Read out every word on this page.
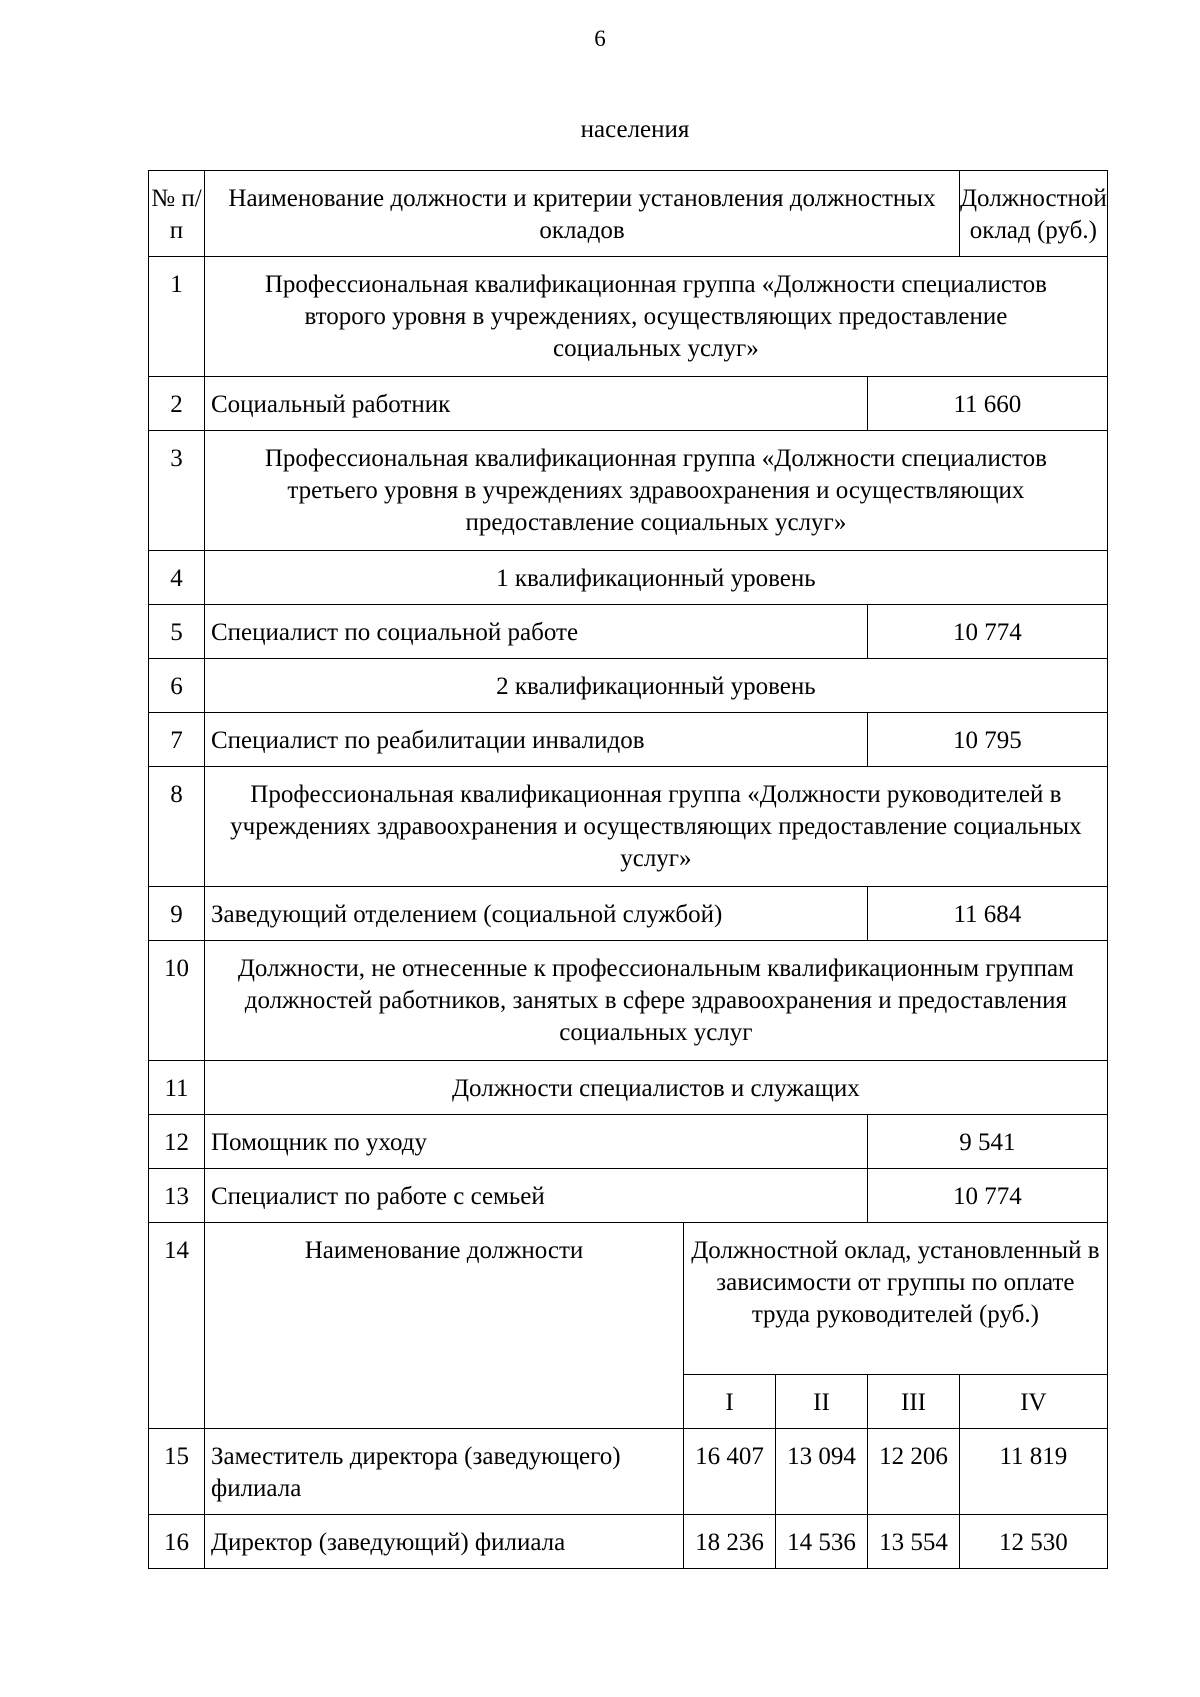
6
населения
№ п/п	Наименование должности и критерии установления должностных окладов				Должностной оклад (руб.)
1	Профессиональная квалификационная группа «Должности специалистов второго уровня в учреждениях, осуществляющих предоставление социальных услуг»				
2	Социальный работник			11 660	
3	Профессиональная квалификационная группа «Должности специалистов третьего уровня в учреждениях здравоохранения и осуществляющих предоставление социальных услуг»				
4	1 квалификационный уровень				
5	Специалист по социальной работе			10 774	
6	2 квалификационный уровень				
7	Специалист по реабилитации инвалидов			10 795	
8	Профессиональная квалификационная группа «Должности руководителей в учреждениях здравоохранения и осуществляющих предоставление социальных услуг»				
9	Заведующий отделением (социальной службой)			11 684	
10	Должности, не отнесенные к профессиональным квалификационным группам должностей работников, занятых в сфере здравоохранения и предоставления социальных услуг				
11	Должности специалистов и служащих				
12	Помощник по уходу			9 541	
13	Специалист по работе с семьей			10 774	
14	Наименование должности	Должностной оклад, установленный в зависимости от группы по оплате труда руководителей (руб.)			
		I	II	III	IV
15	Заместитель директора (заведующего) филиала	16 407	13 094	12 206	11 819
16	Директор (заведующий) филиала	18 236	14 536	13 554	12 530
